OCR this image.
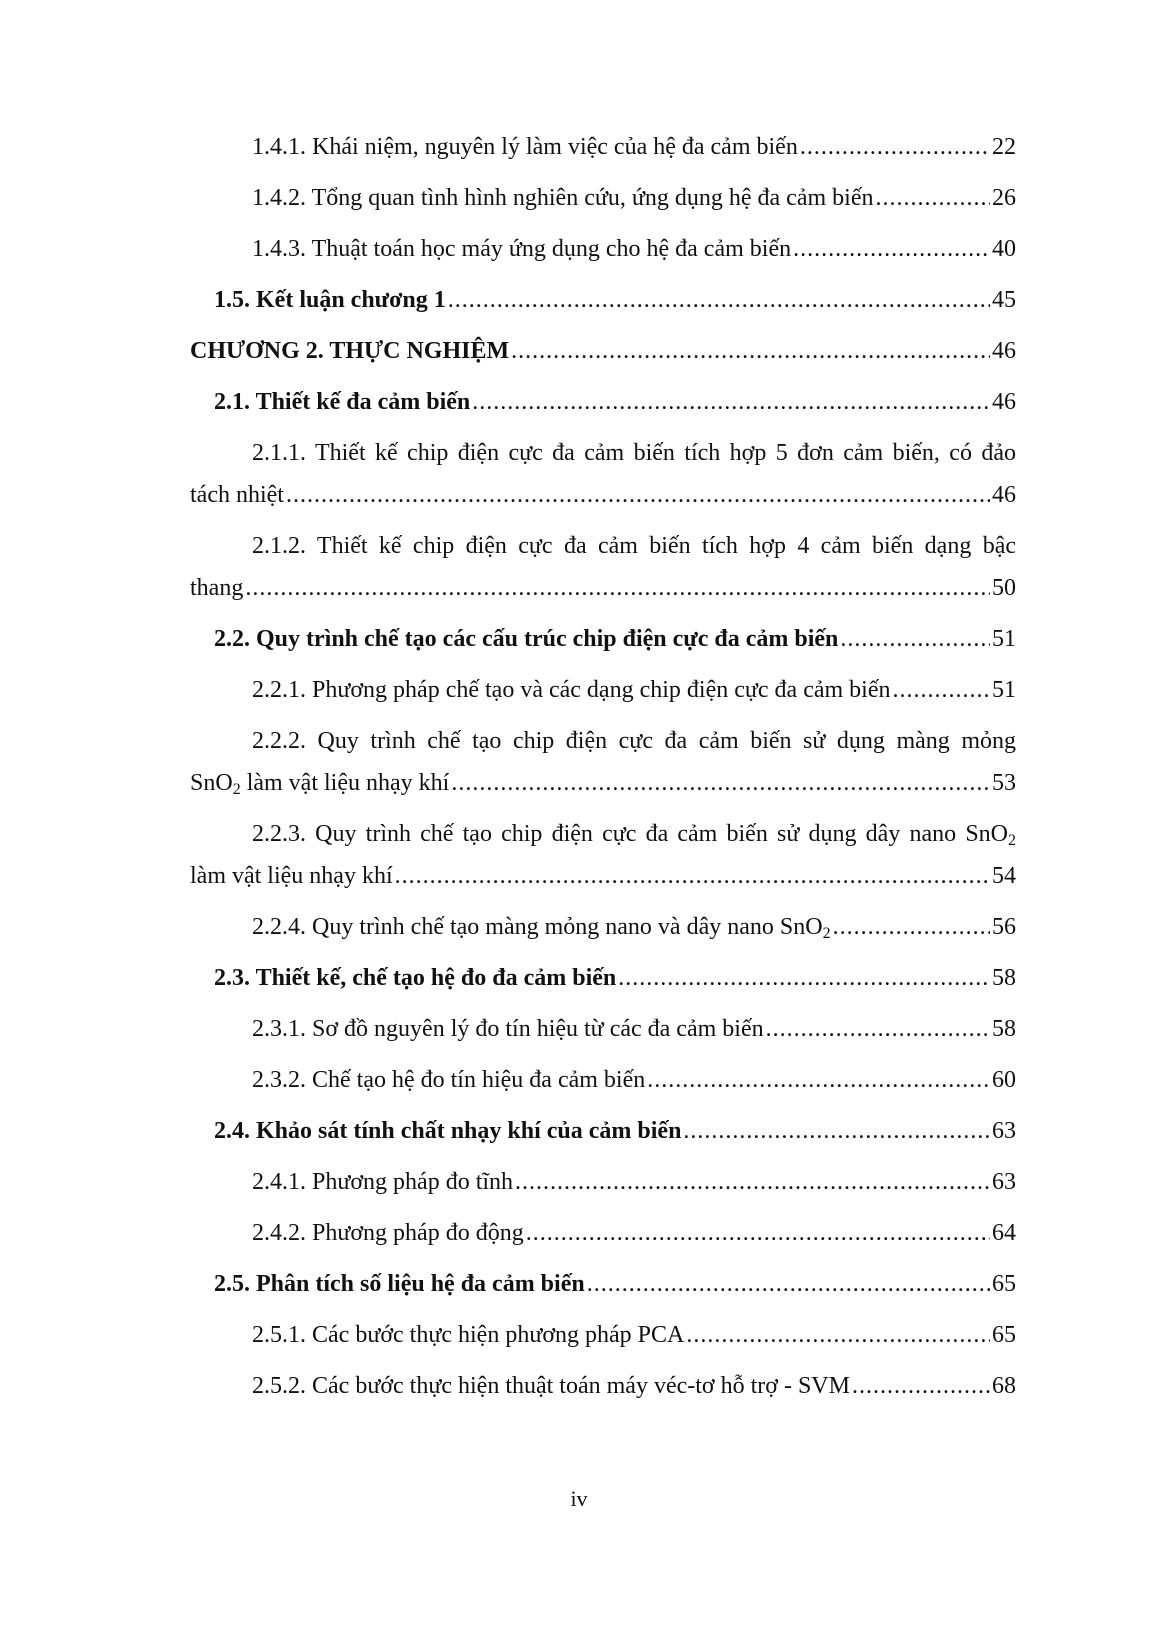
1.4.1. Khái niệm, nguyên lý làm việc của hệ đa cảm biến .....	22
1.4.2. Tổng quan tình hình nghiên cứu, ứng dụng hệ đa cảm biến .....	26
1.4.3. Thuật toán học máy ứng dụng cho hệ đa cảm biến .....	40
1.5. Kết luận chương 1 .....	45
CHƯƠNG 2. THỰC NGHIỆM .....	46
2.1. Thiết kế đa cảm biến .....	46
2.1.1. Thiết kế chip điện cực đa cảm biến tích hợp 5 đơn cảm biến, có đảo
tách nhiệt .....	46
2.1.2. Thiết kế chip điện cực đa cảm biến tích hợp 4 cảm biến dạng bậc
thang .....	50
2.2. Quy trình chế tạo các cấu trúc chip điện cực đa cảm biến .....	51
2.2.1. Phương pháp chế tạo và các dạng chip điện cực đa cảm biến .....	51
2.2.2. Quy trình chế tạo chip điện cực đa cảm biến sử dụng màng mỏng
SnO$_2$ làm vật liệu nhạy khí .....	53
2.2.3. Quy trình chế tạo chip điện cực đa cảm biến sử dụng dây nano SnO$_2$
làm vật liệu nhạy khí .....	54
2.2.4. Quy trình chế tạo màng mỏng nano và dây nano SnO$_2$ .....	56
2.3. Thiết kế, chế tạo hệ đo đa cảm biến .....	58
2.3.1. Sơ đồ nguyên lý đo tín hiệu từ các đa cảm biến .....	58
2.3.2. Chế tạo hệ đo tín hiệu đa cảm biến .....	60
2.4. Khảo sát tính chất nhạy khí của cảm biến .....	63
2.4.1. Phương pháp đo tĩnh .....	63
2.4.2. Phương pháp đo động .....	64
2.5. Phân tích số liệu hệ đa cảm biến .....	65
2.5.1. Các bước thực hiện phương pháp PCA .....	65
2.5.2. Các bước thực hiện thuật toán máy véc-tơ hỗ trợ - SVM .....	68
iv
